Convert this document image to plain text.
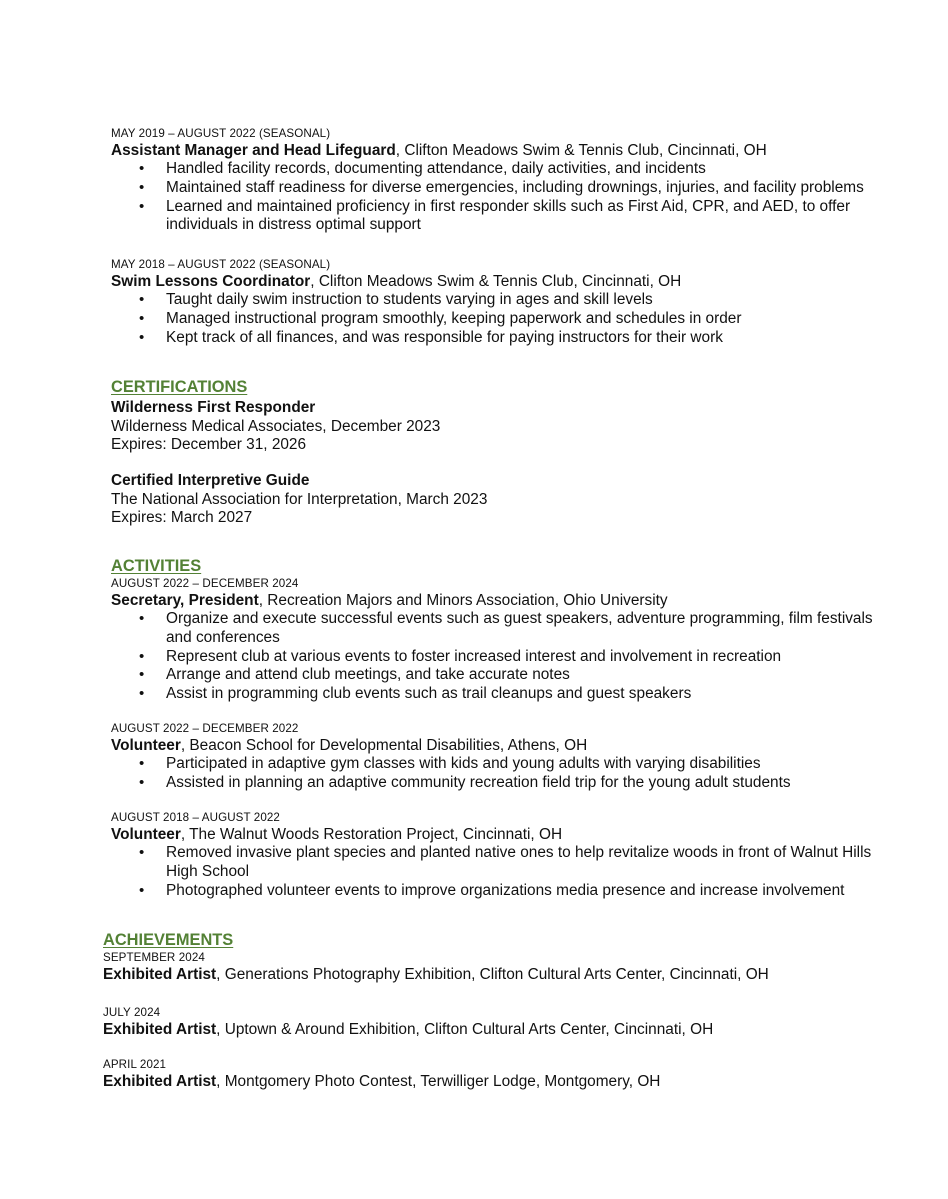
MAY 2019 – AUGUST 2022 (SEASONAL)
Assistant Manager and Head Lifeguard, Clifton Meadows Swim & Tennis Club, Cincinnati, OH
• Handled facility records, documenting attendance, daily activities, and incidents
• Maintained staff readiness for diverse emergencies, including drownings, injuries, and facility problems
• Learned and maintained proficiency in first responder skills such as First Aid, CPR, and AED, to offer individuals in distress optimal support
MAY 2018 – AUGUST 2022 (SEASONAL)
Swim Lessons Coordinator, Clifton Meadows Swim & Tennis Club, Cincinnati, OH
• Taught daily swim instruction to students varying in ages and skill levels
• Managed instructional program smoothly, keeping paperwork and schedules in order
• Kept track of all finances, and was responsible for paying instructors for their work
CERTIFICATIONS
Wilderness First Responder
Wilderness Medical Associates, December 2023
Expires: December 31, 2026
Certified Interpretive Guide
The National Association for Interpretation, March 2023
Expires: March 2027
ACTIVITIES
AUGUST 2022 – DECEMBER 2024
Secretary, President, Recreation Majors and Minors Association, Ohio University
• Organize and execute successful events such as guest speakers, adventure programming, film festivals and conferences
• Represent club at various events to foster increased interest and involvement in recreation
• Arrange and attend club meetings, and take accurate notes
• Assist in programming club events such as trail cleanups and guest speakers
AUGUST 2022 – DECEMBER 2022
Volunteer, Beacon School for Developmental Disabilities, Athens, OH
• Participated in adaptive gym classes with kids and young adults with varying disabilities
• Assisted in planning an adaptive community recreation field trip for the young adult students
AUGUST 2018 – AUGUST 2022
Volunteer, The Walnut Woods Restoration Project, Cincinnati, OH
• Removed invasive plant species and planted native ones to help revitalize woods in front of Walnut Hills High School
• Photographed volunteer events to improve organizations media presence and increase involvement
ACHIEVEMENTS
SEPTEMBER 2024
Exhibited Artist, Generations Photography Exhibition, Clifton Cultural Arts Center, Cincinnati, OH
JULY 2024
Exhibited Artist, Uptown & Around Exhibition, Clifton Cultural Arts Center, Cincinnati, OH
APRIL 2021
Exhibited Artist, Montgomery Photo Contest, Terwilliger Lodge, Montgomery, OH
